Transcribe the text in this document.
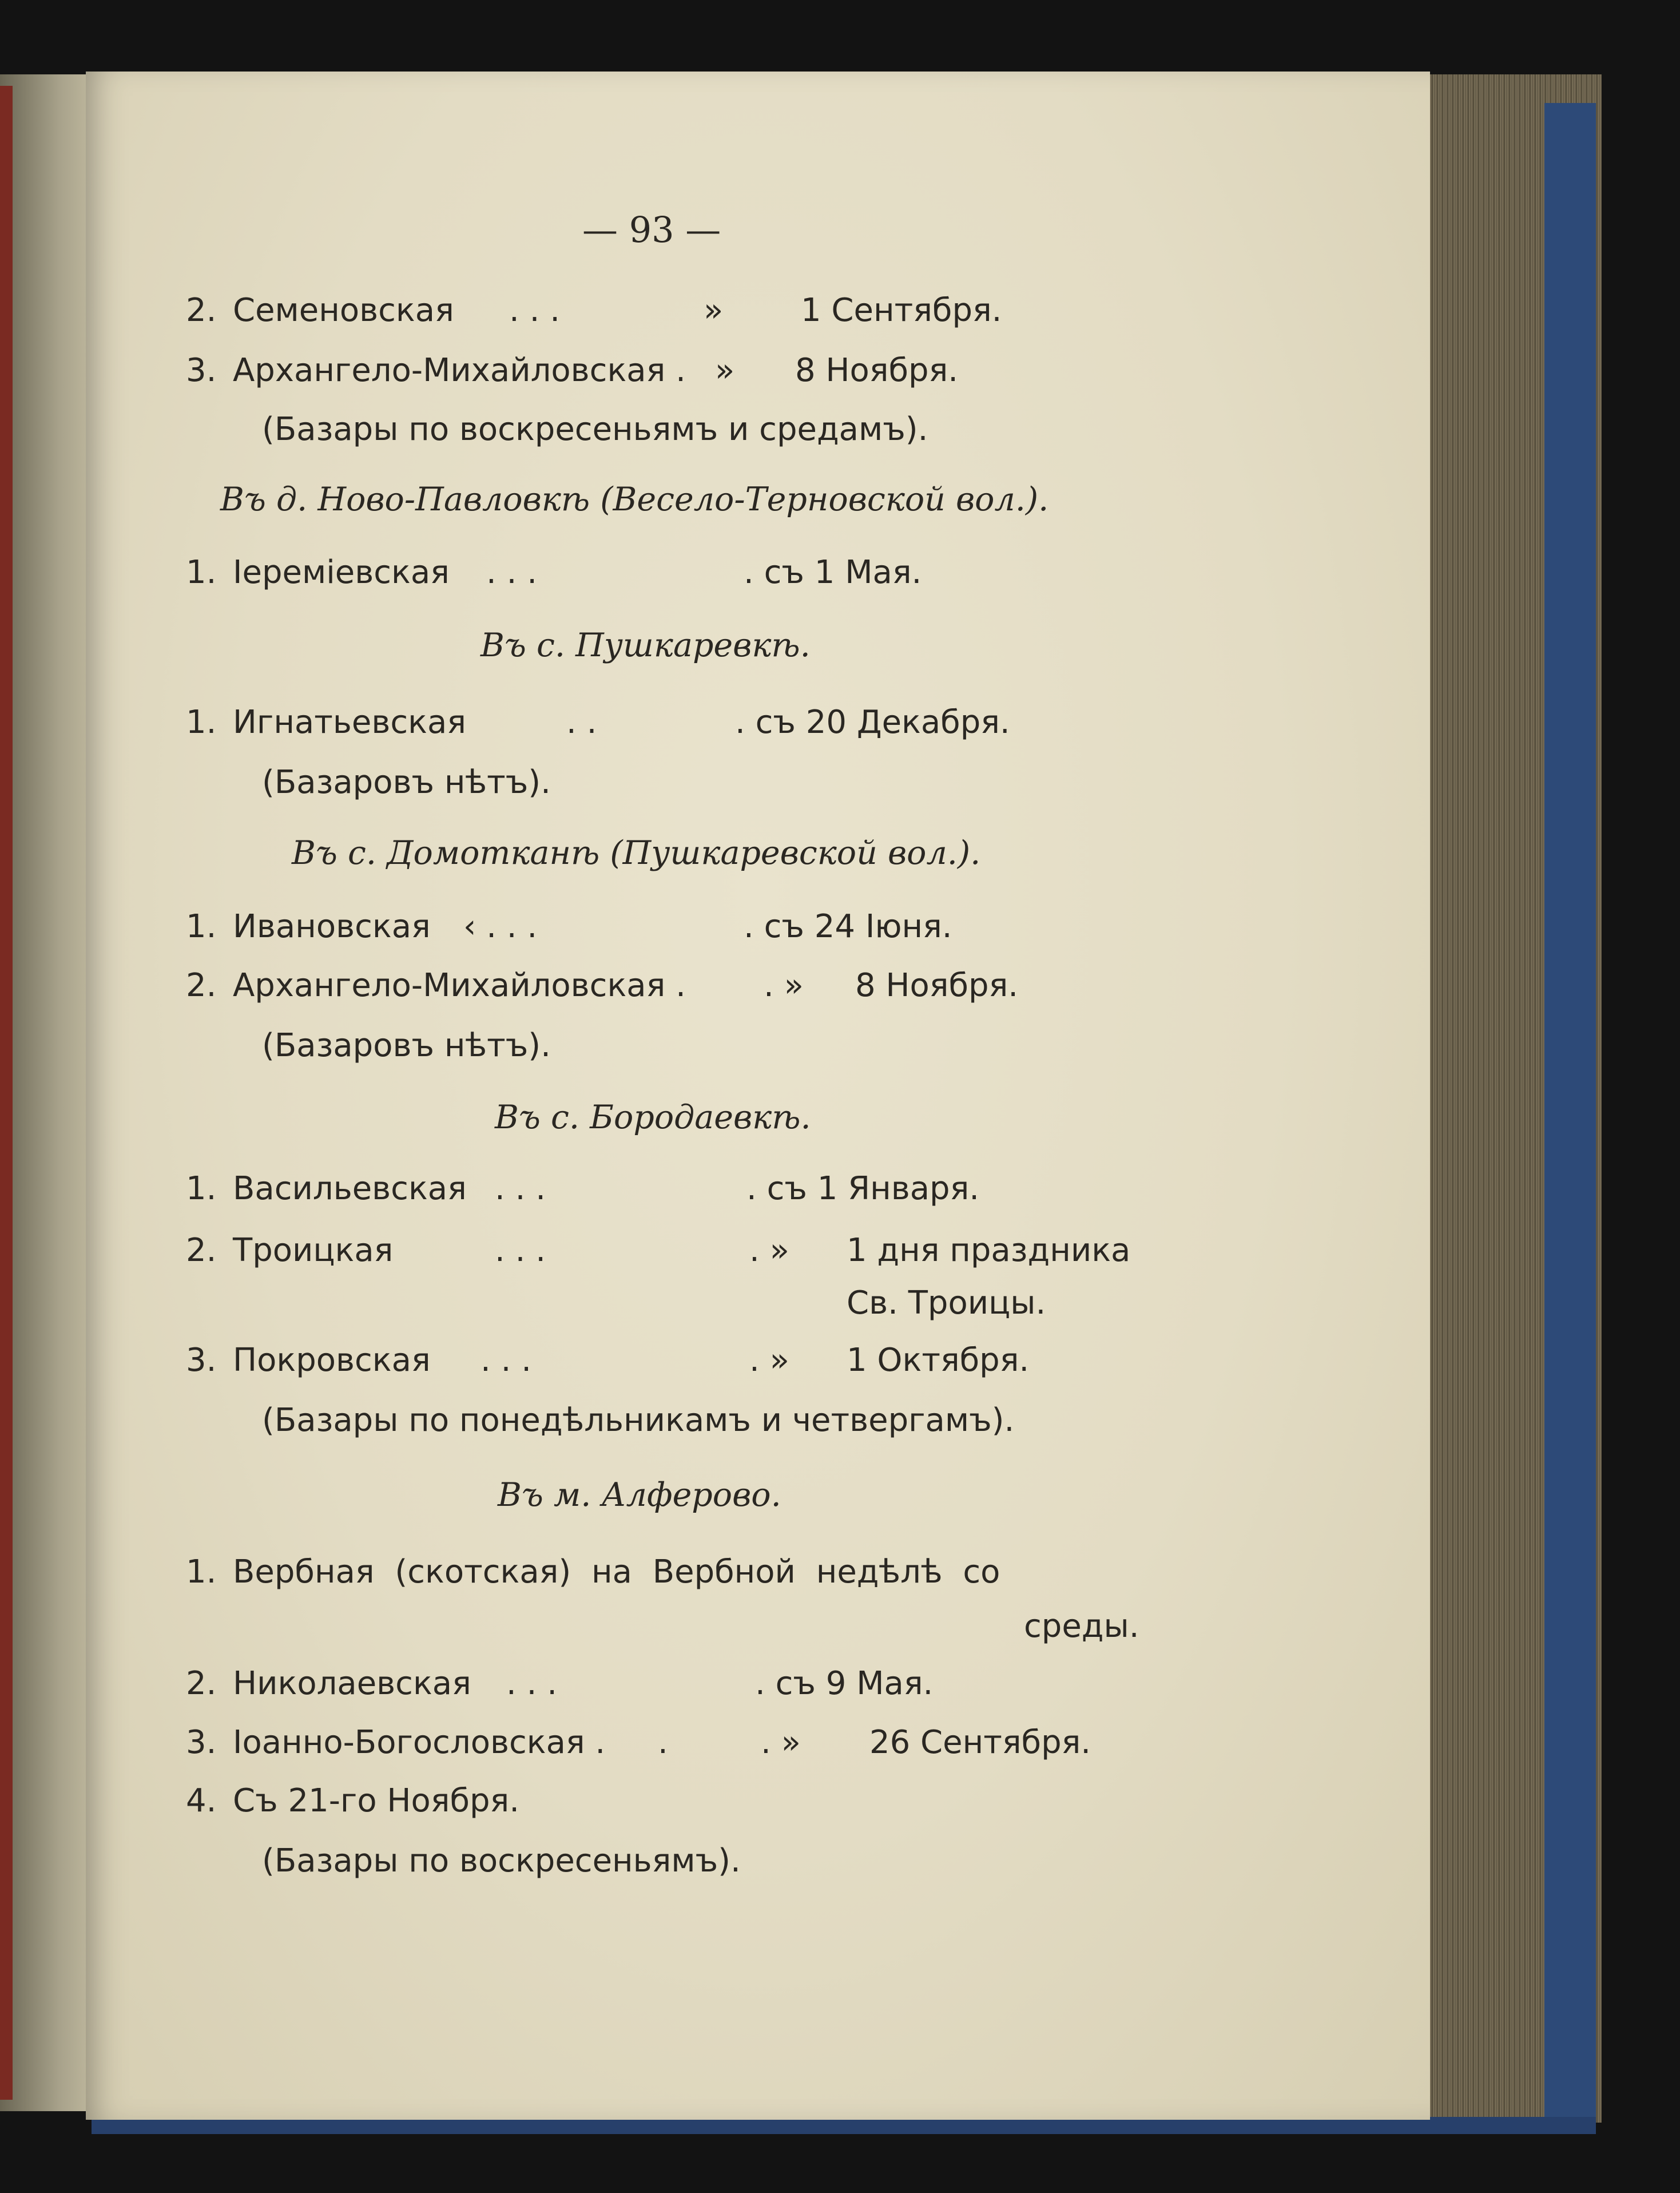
— 93 —
2. Семеновская . . .	» 1 Сентября.
3. Архангело-Михайловская . » 8 Ноября.
(Базары по воскресеньямъ и средамъ).
Въ д. Ново-Павловкѣ (Весело-Терновской вол.).
1. Іеремiевская . . .	. съ 1 Мая.
Въ с. Пушкаревкѣ.
1. Игнатьевская	. .	. съ 20 Декабря.
(Базаровъ нѣтъ).
Въ с. Домотканѣ (Пушкаревской вол.).
1. Ивановская ‹ . . .	. съ 24 Іюня.
2. Архангело-Михайловская . . » 8 Ноября.
(Базаровъ нѣтъ).
Въ с. Бородаевкѣ.
1. Васильевская . . .	. съ 1 Января.
2. Троицкая	. . .	. » 1 дня праздника
Св. Троицы.
3. Покровская . . .	. » 1 Октября.
(Базары по понедѣльникамъ и четвергамъ).
Въ м. Алферово.
1. Вербная (скотская) на Вербной недѣлѣ со
среды.
2. Николаевская . . .	. съ 9 Мая.
3. Іоанно-Богословская . .	. » 26 Сентября.
4. Съ 21-го Ноября.
(Базары по воскресеньямъ).
